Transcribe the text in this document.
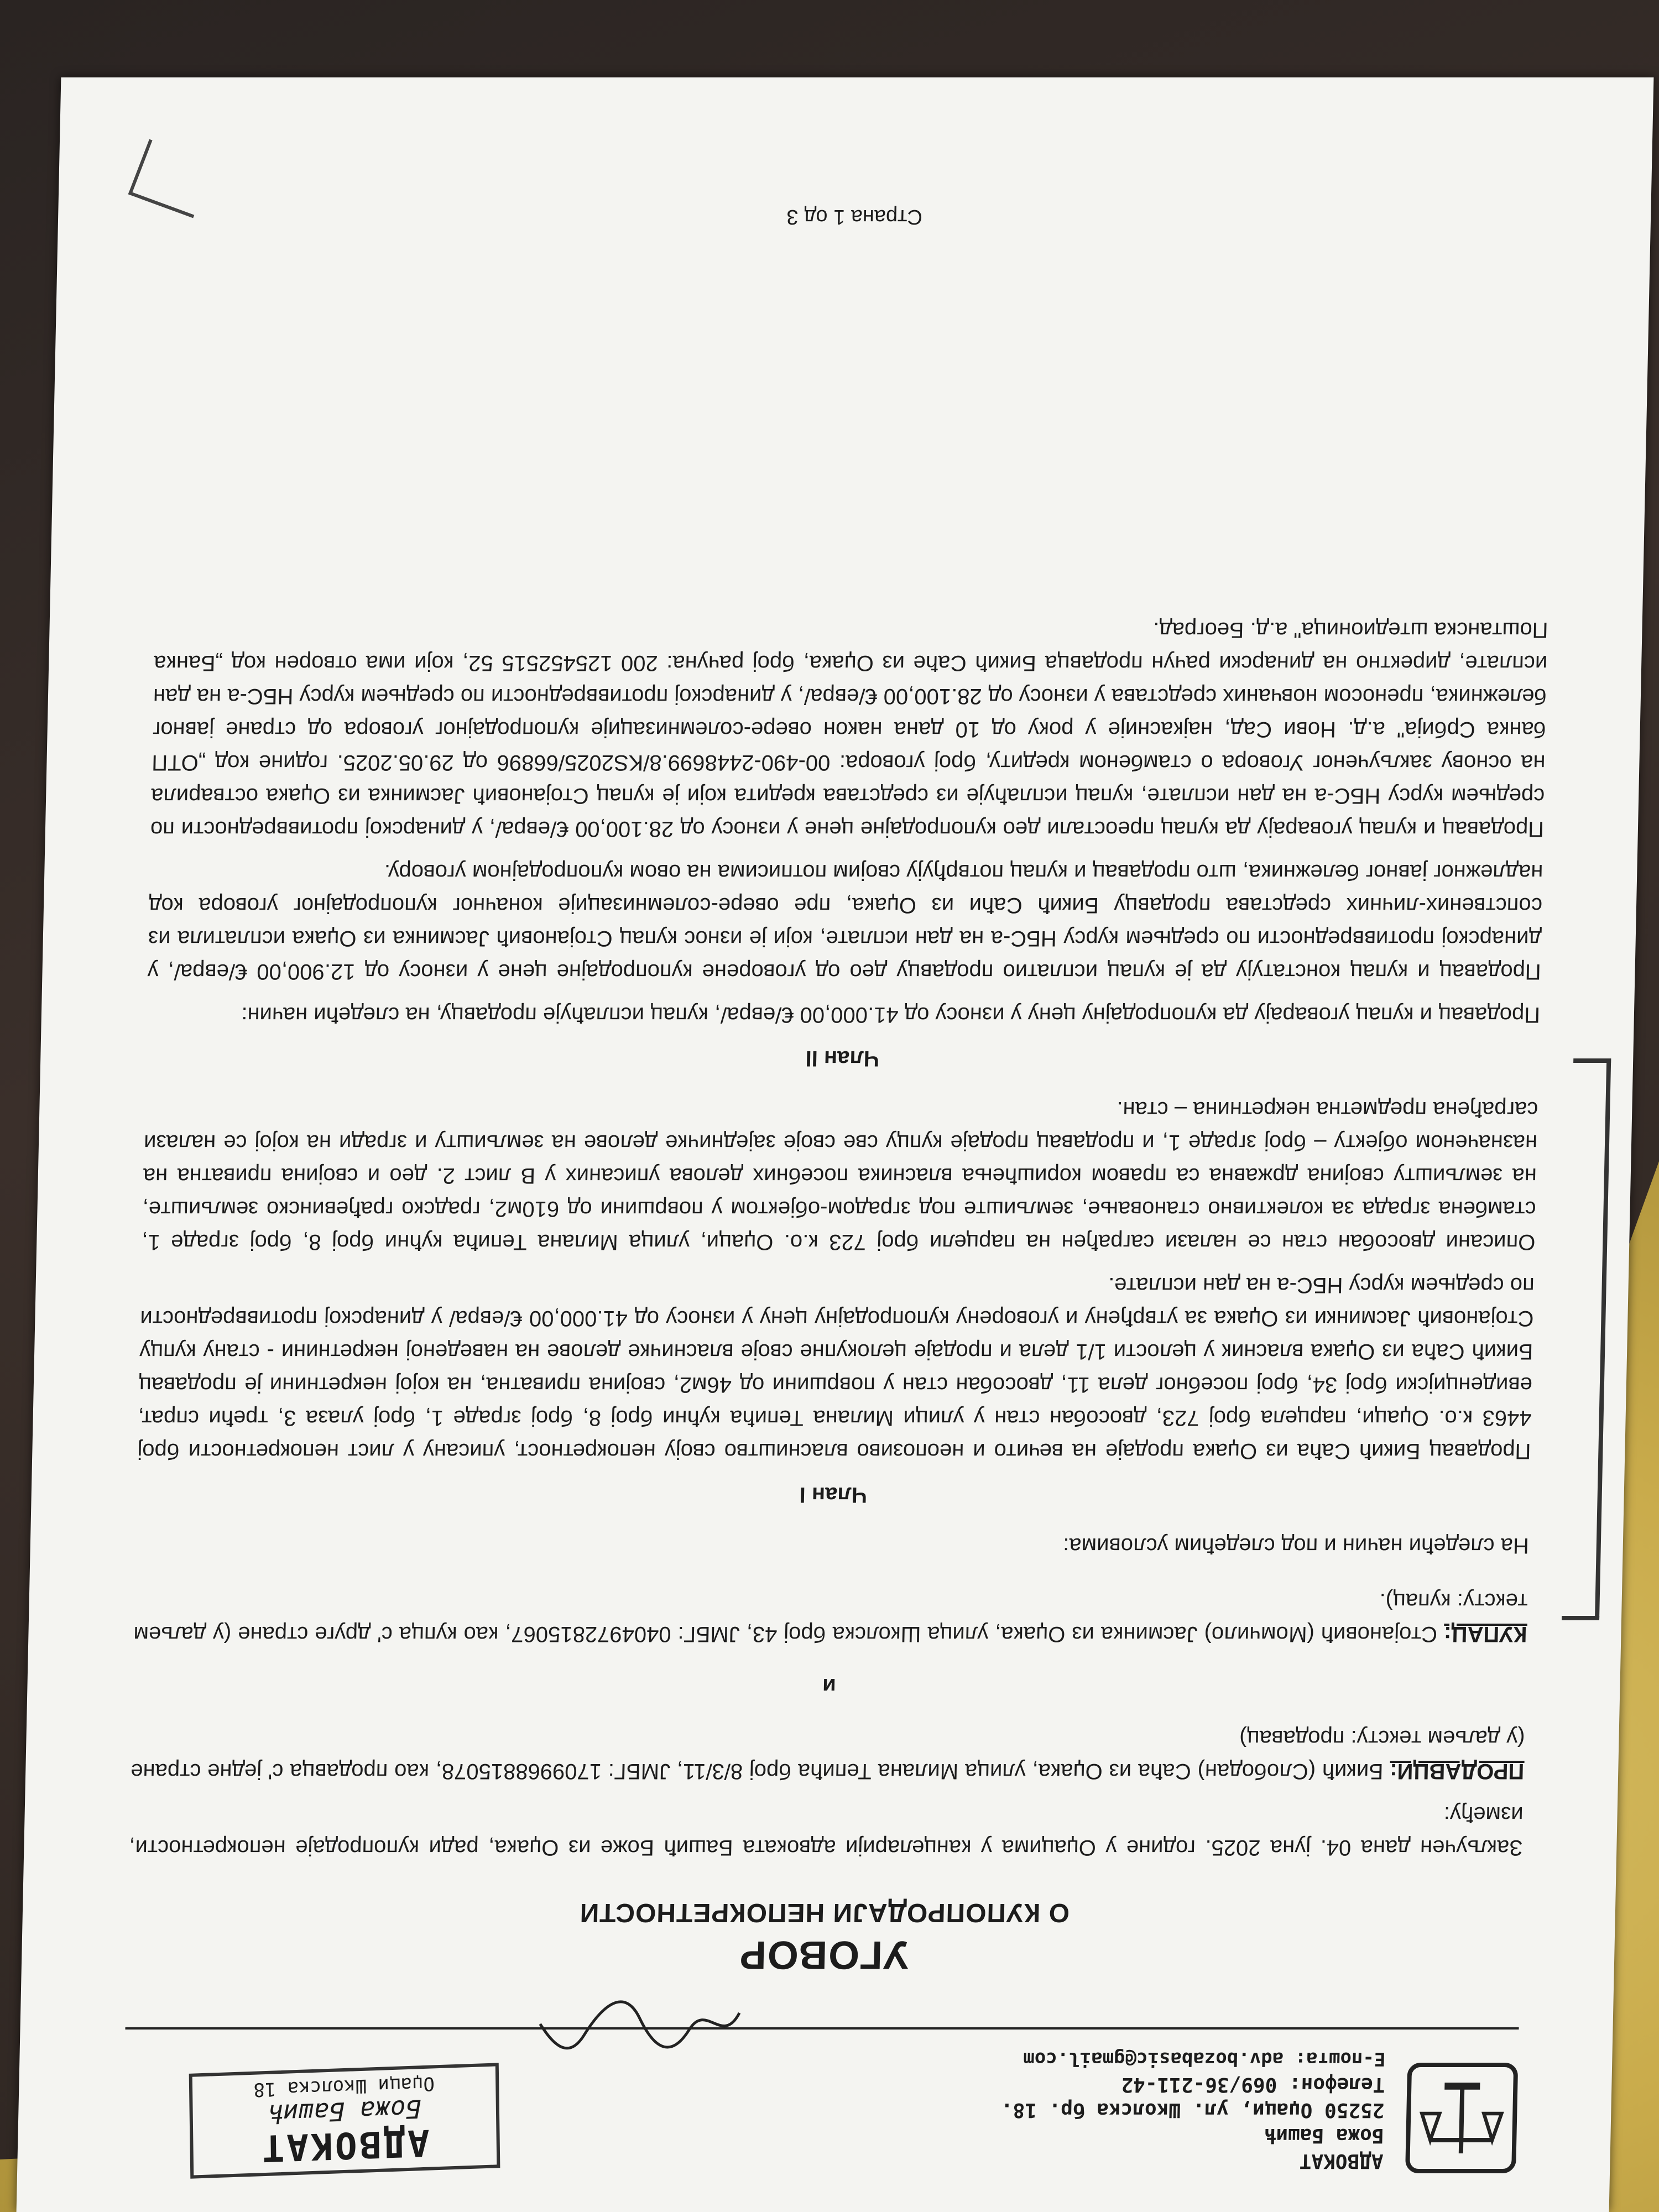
АДВОКАТ
Божа Башић
25250 Оџаци, ул. Школска бр. 18.
Телефон: 069/36-211-42
Е-пошта: adv.bozabasic@gmail.com
АДВОКАТ
Божа Башић
Оџаци Школска 18
УГОВОР
О КУПОПРОДАЈИ НЕПОКРЕТНОСТИ

Закључен дана 04. јуна 2025. године у Оџацима у канцеларији адвоката Башић Боже из Оџака, ради купопродаје непокретности, између:

ПРОДАВЦИ: Бикић (Слободан) Саћа из Оџака, улица Милана Тепића број 8/3/11, ЈМБГ: 1709968815078, као продавца с' једне стране (у даљем тексту: продавац)

и

КУПАЦ: Стојановић (Момчило) Јасминка из Оџака, улица Школска број 43, ЈМБГ: 0404972815067, као купца с' друге стране (у даљем тексту: купац).

На следећи начин и под следећим условима:

Члан I

Продавац Бикић Саћа из Оџака продаје на вечито и неопозиво власништво своју непокретност, уписану у лист непокретности број 4463 к.о. Оџаци, парцела број 723, двособан стан у улици Милана Тепића кућни број 8, број зграде 1, број улаза 3, трећи спрат, евиденцијски број 34, број посебног дела 11, двособан стан у површини од 46м2, својина приватна, на којој некретнини је продавац Бикић Саћа из Оџака власник у целости 1/1 дела и продаје целокупне своје власничке делове на наведеној некретнини - стану купцу Стојановић Јасминки из Оџака за утврђену и уговорену купопродајну цену у износу од 41.000,00 €/евра/ у динарској противвредности по средњем курсу НБС-а на дан исплате.

Описани двособан стан се налази саграђен на парцели број 723 к.о. Оџаци, улица Милана Тепића кућни број 8, број зграде 1, стамбена зграда за колективно становање, земљиште под зградом-објектом у површини од 610м2, градско грађевинско земљиште, на земљишту својина државна са правом коришћења власника посебних делова уписаних у В лист 2. део и својина приватна на назначеном објекту – број зграде 1, и продавац продаје купцу све своје заједничке делове на земљишту и згради на којој се налази саграђена предметна некретнина – стан.

Члан II

Продавац и купац уговарају да купопродајну цену у износу од 41.000,00 €/евра/, купац исплаћује продавцу, на следећи начин:

Продавац и купац констатују да је купац исплатио продавцу део од уговорене купопродајне цене у износу од 12.900,00 €/евра/, у динарској противвредности по средњем курсу НБС-а на дан исплате, који је износ купац Стојановић Јасминка из Оџака исплатила из сопствених-личних средстава продавцу Бикић Саћи из Оџака, пре овере-солемнизације коначног купопродајног уговора код надлежног јавног бележника, што продавац и купац потврђују својим потписима на овом купопродајном уговору.

Продавац и купац уговарају да купац преостали део купопродајне цене у износу од 28.100,00 €/евра/, у динарској противвредности по средњем курсу НБС-а на дан исплате, купац исплаћује из средстава кредита који је купац Стојановић Јасминка из Оџака остварила на основу закљученог Уговора о стамбеном кредиту, број уговора: 00-490-2448699.8/KS2025/66896 од 29.05.2025. године код „ОТП банка Србија" а.д. Нови Сад, најкасније у року од 10 дана након овере-солемнизације купопродајног уговора од стране јавног бележника, преносом новчаних средстава у износу од 28.100,00 €/евра/, у динарској противвредности по средњем курсу НБС-а на дан исплате, директно на динарски рачун продавца Бикић Саће из Оџака, број рачуна: 200 125452515 52, који има отворен код „Банка Поштанска штедионица" а.д. Београд.

Страна 1 од 3
